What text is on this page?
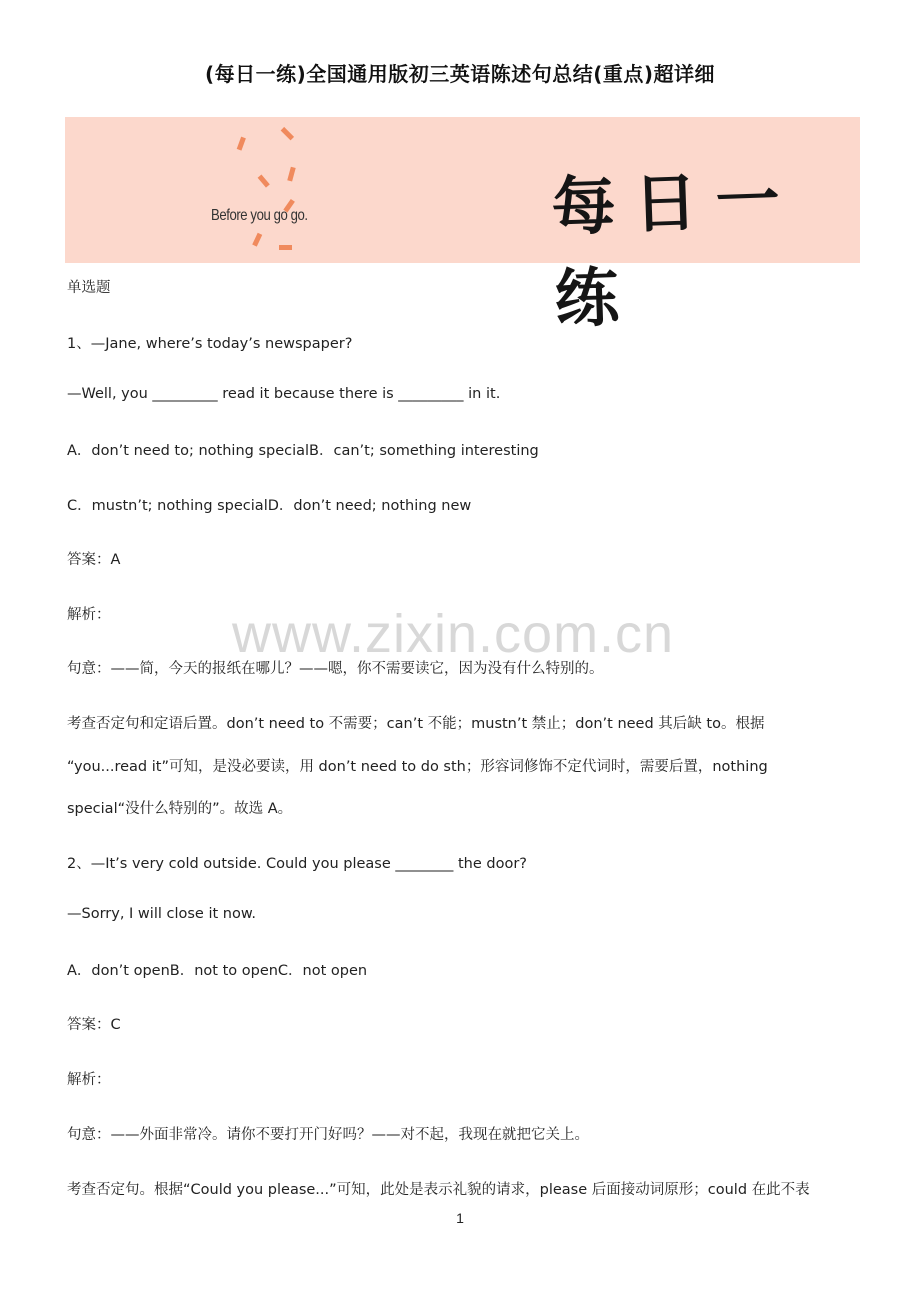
(每日一练)全国通用版初三英语陈述句总结(重点)超详细
Before you go go.	每日一练
www.zixin.com.cn
单选题
1、—Jane, where’s today’s newspaper?
—Well, you _________ read it because there is _________ in it.
A．don’t need to; nothing specialB．can’t; something interesting
C．mustn’t; nothing specialD．don’t need; nothing new
答案：A
解析：
句意：——简，今天的报纸在哪儿？——嗯，你不需要读它，因为没有什么特别的。
考查否定句和定语后置。don’t need to 不需要；can’t 不能；mustn’t 禁止；don’t need 其后缺 to。根据
“you...read it”可知，是没必要读，用 don’t need to do sth；形容词修饰不定代词时，需要后置，nothing
special“没什么特别的”。故选 A。
2、—It’s very cold outside. Could you please ________ the door?
—Sorry, I will close it now.
A．don’t openB．not to openC．not open
答案：C
解析：
句意：——外面非常冷。请你不要打开门好吗？——对不起，我现在就把它关上。
考查否定句。根据“Could you please...”可知，此处是表示礼貌的请求，please 后面接动词原形；could 在此不表
1
